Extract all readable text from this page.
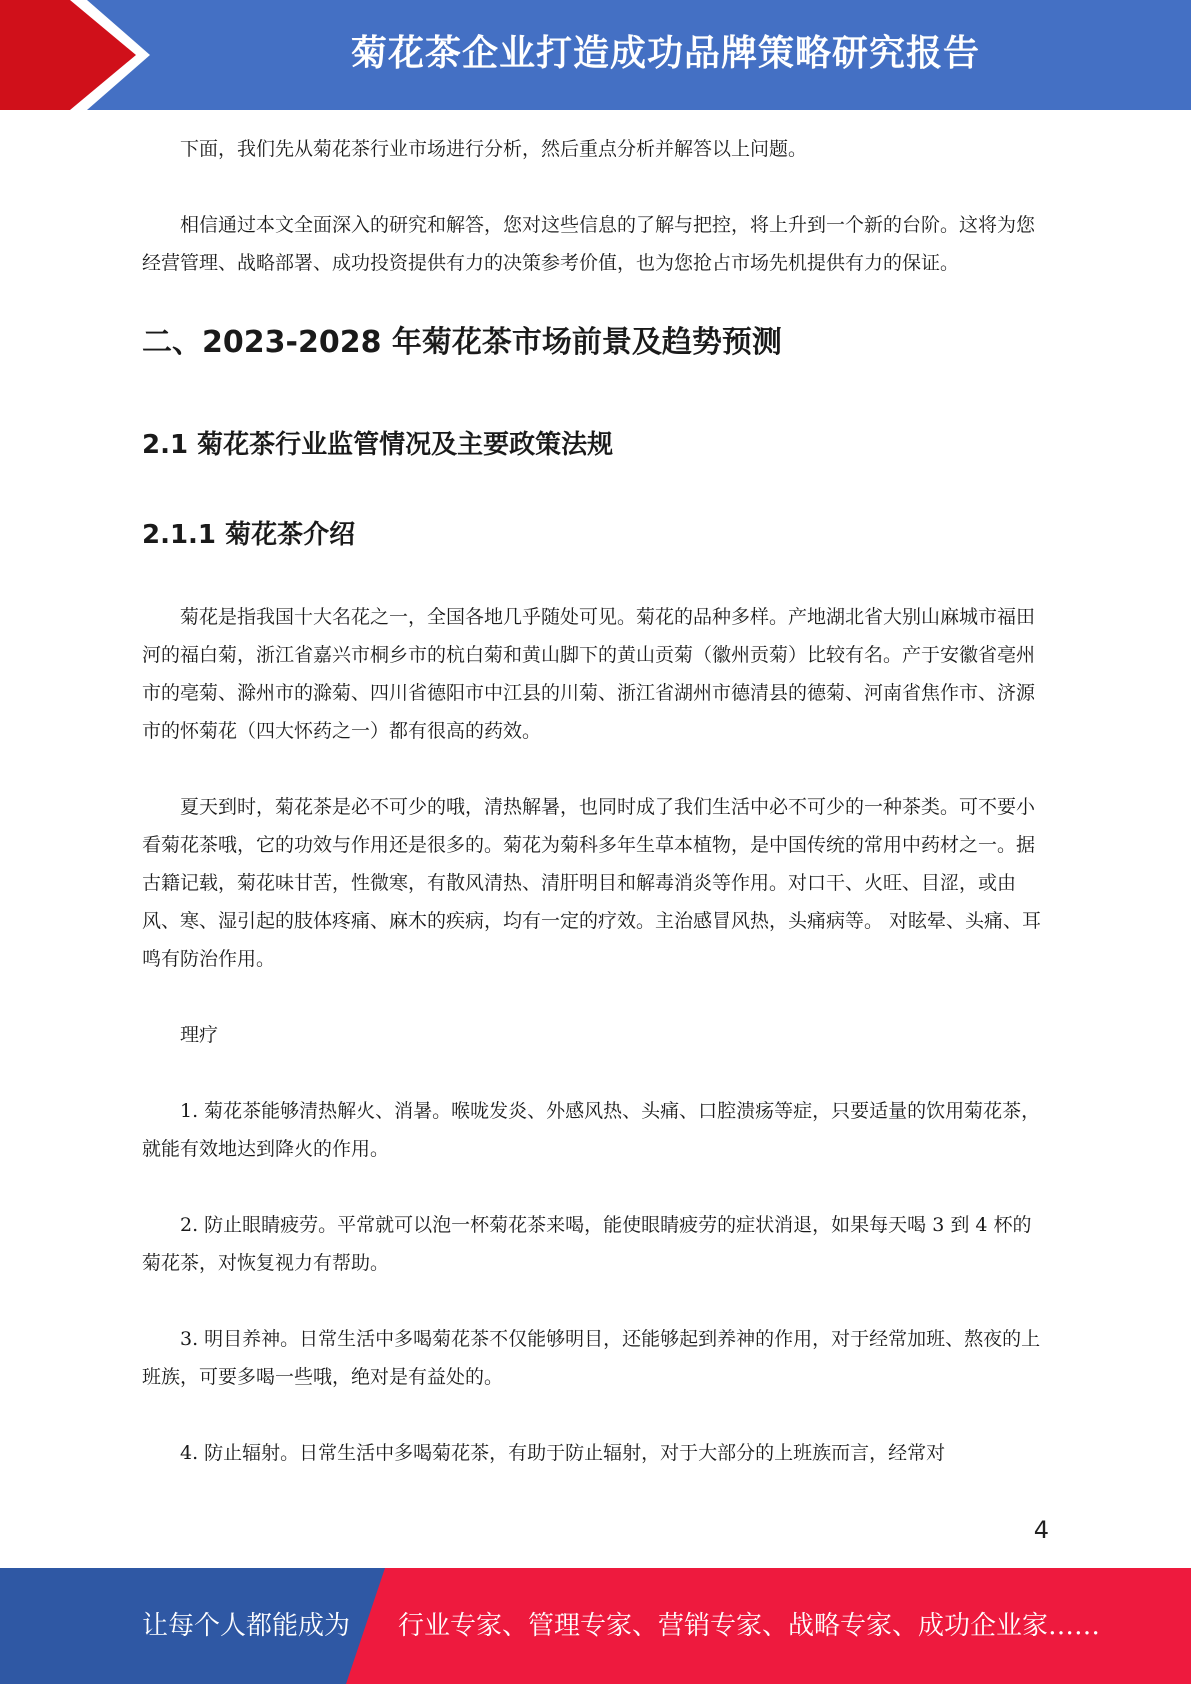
菊花茶企业打造成功品牌策略研究报告

下面，我们先从菊花茶行业市场进行分析，然后重点分析并解答以上问题。

相信通过本文全面深入的研究和解答，您对这些信息的了解与把控，将上升到一个新的台阶。这将为您经营管理、战略部署、成功投资提供有力的决策参考价值，也为您抢占市场先机提供有力的保证。

二、2023-2028 年菊花茶市场前景及趋势预测
2.1 菊花茶行业监管情况及主要政策法规
2.1.1 菊花茶介绍

菊花是指我国十大名花之一，全国各地几乎随处可见。菊花的品种多样。产地湖北省大别山麻城市福田河的福白菊，浙江省嘉兴市桐乡市的杭白菊和黄山脚下的黄山贡菊（徽州贡菊）比较有名。产于安徽省亳州市的亳菊、滁州市的滁菊、四川省德阳市中江县的川菊、浙江省湖州市德清县的德菊、河南省焦作市、济源市的怀菊花（四大怀药之一）都有很高的药效。

夏天到时，菊花茶是必不可少的哦，清热解暑，也同时成了我们生活中必不可少的一种茶类。可不要小看菊花茶哦，它的功效与作用还是很多的。菊花为菊科多年生草本植物，是中国传统的常用中药材之一。据古籍记载，菊花味甘苦，性微寒，有散风清热、清肝明目和解毒消炎等作用。对口干、火旺、目涩，或由风、寒、湿引起的肢体疼痛、麻木的疾病，均有一定的疗效。主治感冒风热，头痛病等。 对眩晕、头痛、耳鸣有防治作用。

理疗

1. 菊花茶能够清热解火、消暑。喉咙发炎、外感风热、头痛、口腔溃疡等症，只要适量的饮用菊花茶，就能有效地达到降火的作用。

2. 防止眼睛疲劳。平常就可以泡一杯菊花茶来喝，能使眼睛疲劳的症状消退，如果每天喝 3 到 4 杯的菊花茶，对恢复视力有帮助。

3. 明目养神。日常生活中多喝菊花茶不仅能够明目，还能够起到养神的作用，对于经常加班、熬夜的上班族，可要多喝一些哦，绝对是有益处的。

4. 防止辐射。日常生活中多喝菊花茶，有助于防止辐射，对于大部分的上班族而言，经常对

4
让每个人都能成为 行业专家、管理专家、营销专家、战略专家、成功企业家……
